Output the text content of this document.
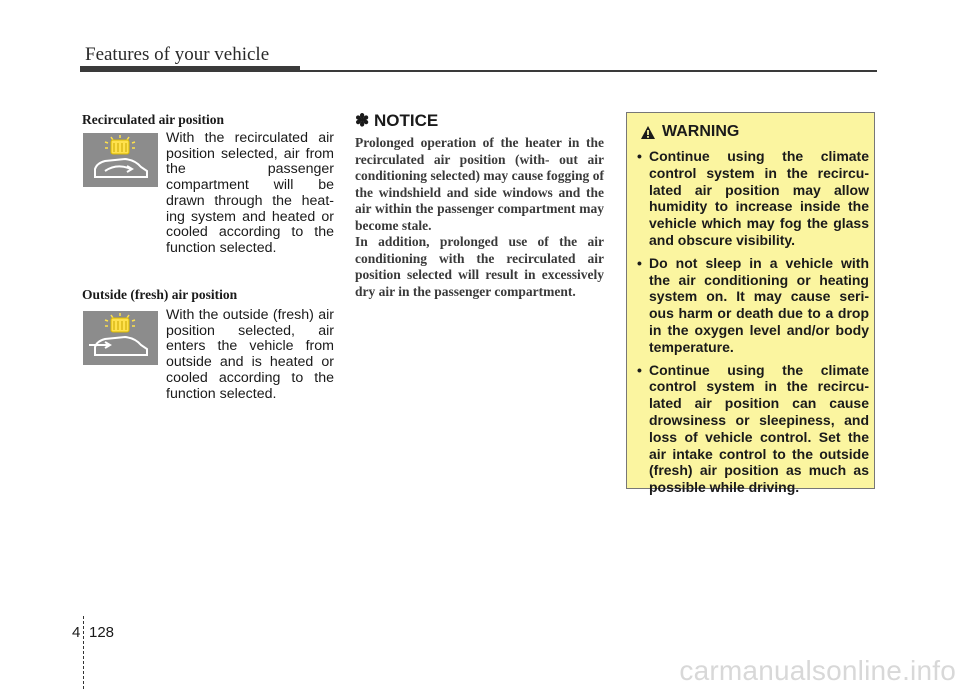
Features of your vehicle
Recirculated air position
With the recirculated air position selected, air from the passenger compartment will be drawn through the heat- ing system and heated or cooled according to the function selected.
Outside (fresh) air position
With the outside (fresh) air position selected, air enters the vehicle from outside and is heated or cooled according to the function selected.
✽ NOTICE

Prolonged operation of the heater in the recirculated air position (with- out air conditioning selected) may cause fogging of the windshield and side windows and the air within the passenger compartment may become stale.

In addition, prolonged use of the air conditioning with the recirculated air position selected will result in excessively dry air in the passenger compartment.

WARNING
• Continue using the climate control system in the recircu- lated air position may allow humidity to increase inside the vehicle which may fog the glass and obscure visibility.
• Do not sleep in a vehicle with the air conditioning or heating system on. It may cause seri- ous harm or death due to a drop in the oxygen level and/or body temperature.
• Continue using the climate control system in the recircu- lated air position can cause drowsiness or sleepiness, and loss of vehicle control. Set the air intake control to the outside (fresh) air position as much as possible while driving.
4 128
carmanualsonline.info
